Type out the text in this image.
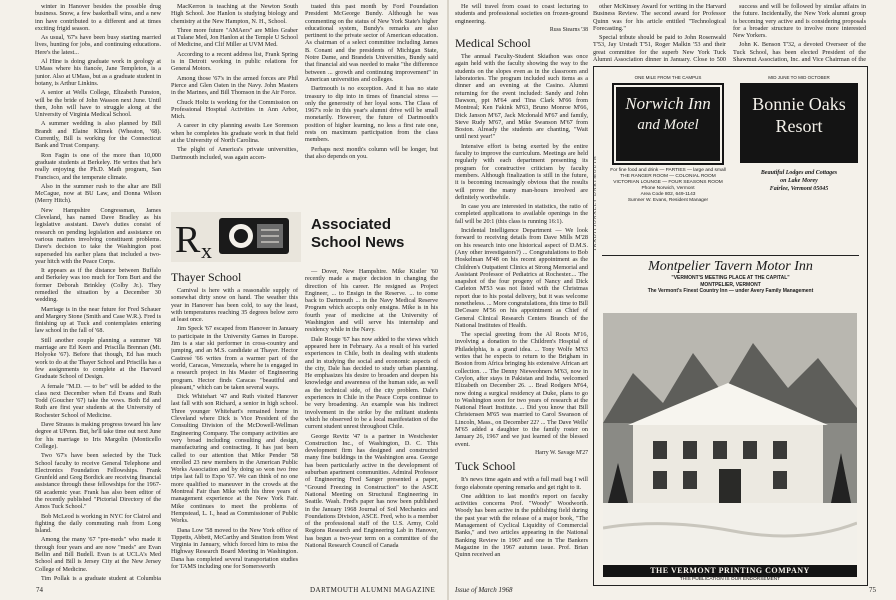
winter in Hanover besides the possible drug business. Snow, a few basketball wins, and a new inn have contributed to a different and at times exciting frigid season.

As usual, '67's have been busy starting married lives, hunting for jobs, and continuing educations. Here's the latest...

Al Hine is doing graduate work in geology at UMass where his fiancée, Jane Templeton, is a junior. Also at UMass, but as a graduate student in botany, is Arthur Linkins.

A senior at Wells College, Elizabeth Funston, will be the bride of John Wasson next June. Until then, John will have to struggle along at the University of Virginia Medical School.

A summer wedding is also planned by Bill Brandt and Elaine Klimek (Wheaton, '68). Currently, Bill is working for the Connecticut Bank and Trust Company.

Ron Fagin is one of the more than 10,000 graduate students at Berkeley. He writes that he's really enjoying the Ph.D. Math program, San Francisco, and the temperate climate.

Also in the summer rush to the altar are Bill McCague, now at BU Law, and Donna Wilson (Merry Hitch).

New Hampshire Congressman, James Cleveland, has named Dave Bradley as his legislative assistant. Dave's duties consist of research on pending legislation and assistance on various matters involving constituent problems. Dave's decision to take the Washington post superseded his earlier plans that included a two-year hitch with the Peace Corps.

It appears as if the distance between Buffalo and Berkeley was too much for Tom Burt and the former Deborah Brinkley (Colby Jr.). They remedied the situation by a December 30 wedding.

Marriage is in the near future for Fred Schauer and Margery Stone (Smith and Case W.R.). Fred is finishing up at Tuck and contemplates entering law school in the fall of '68.

Still another couple planning a summer '68 marriage are Ed Keen and Priscilla Brennan (Mt. Holyoke '67). Before that though, Ed has much work to do at the Thayer School and Priscilla has a few assignments to complete at the Harvard Graduate School of Design.

A female "M.D. — to be" will be added to the class next December when Ed Evans and Ruth Todd (Goucher '67) take the vows. Both Ed and Ruth are first year students at the University of Rochester School of Medicine.

Dave Strauss is making progress toward his law degree at UPenn. But, he'll take time out next June for his marriage to Iris Margolin (Monticello College).

Two '67's have been selected by the Tuck School faculty to receive General Telephone and Electronics Foundation Fellowships. Frank Grunfeld and Greg Bordick are receiving financial assistance through these fellowships for the 1967-68 academic year. Frank has also been editor of the recently published "Pictorial Directory of the Amos Tuck School."

Bob McLeod is working in NYC for Clairol and fighting the daily commuting rush from Long Island.

Among the many '67 "pre-meds" who made it through four years and are now "meds" are Evan Bellin and Bill Budell. Evan is at UCLA's Med School and Bill is Jersey City at the New Jersey College of Medicine.

Tim Pollak is a graduate student at Columbia

MacKerron is teaching at the Newton South High School. Joe Hanlon is studying biology and chemistry at the New Hampton, N. H., School.

Three more future "AMAers" are Miles Graber at Tulane Med, Jon Hanlon at the Temple U School of Medicine, and Clif Miller at UVM Med.

According to a recent address list, Frank Spring is in Detroit working in public relations for General Motors.

Among those '67's in the armed forces are Phil Pierce and Glen Oaten in the Navy. John Masters in the Marines, and Bill Thomson in the Air Force.

Chuck Holtz is working for the Commission on Professional Hospital Activities in Ann Arbor, Mich.

A career in city planning awaits Lee Sorenson when he completes his graduate work in that field at the University of North Carolina.

The plight of America's private universities, Dartmouth included, was again accen-

tuated this past month by Ford Foundation President McGeorge Bundy. Although he was commenting on the status of New York State's higher educational system, Bundy's remarks are also pertinent to the private sector of American education. As chairman of a select committee including James B. Conant and the presidents of Michigan State, Notre Dame, and Brandeis Universities, Bundy said that financial aid was needed to make "the difference between ... growth and continuing improvement" in American universities and colleges.

Dartmouth is no exception. And it has no state treasury to dip into in times of financial stress — only the generosity of her loyal sons. The Class of 1967's role in this year's alumni drive will be small monetarily. However, the future of Dartmouth's position of higher learning, no less a first rate one, rests on maximum participation from the class members.

Perhaps next month's column will be longer, but that also depends on you.

R x
Associated
School News
Thayer School

Carnival is here with a reasonable supply of somewhat dirty snow on hand. The weather this year in Hanover has been cold, to say the least, with temperatures reaching 35 degrees below zero at least once.

Jim Speck '67 escaped from Hanover in January to participate in the University Games in Europe. Jim is a star ski performer in cross-country and jumping, and an M.S. candidate at Thayer. Hector Castresé '66 writes from a warmer part of the world, Caracas, Venezuela, where he is engaged in a research project in his Master of Engineering program. Hector finds Caracas "beautiful and pleasant," which can be taken several ways.

Dick Whitehart '47 and Ruth visited Hanover last fall with son Richard, a senior in high school. Three younger Whitehart's remained home in Cleveland where Dick is Vice President of the Consulting Division of the McDowell-Wellman Engineering Company. The company activities are very broad including consulting and design, manufacturing and contracting. It has just been called to our attention that Mike Pender '58 enrolled 23 new members in the American Public Works Association and by doing so won two free trips last fall to Expo '67. We can think of no one more qualified to maneuver in the crowds at the Montreal Fair than Mike with his three years of management experience at the New York Fair. Mike continues to meet the problems of Hempstead, L. I., head as Commissioner of Public Works.

Dana Low '58 moved to the New York office of Tippetts, Abbett, McCarthy and Stratton from West Virginia in January, which forced him to miss the Highway Research Board Meeting in Washington. Dana has completed several transportation studies for TAMS including one for Somersworth

— Dover, New Hampshire. Mike Kistler '60 recently made a major decision in changing the direction of his career. He resigned as Project Engineer, ... to Ensign in the Reserve. ... to come back to Dartmouth ... in the Navy Medical Reserve Program which accepts only ensigns. Mike is in his fourth year of medicine at the University of Washington and will serve his internship and residency while in the Navy.

Dale Rouge '67 has now added to the views which appeared here in February. As a result of his varied experiences in Chile, both in dealing with students and in studying the social and economic aspects of the city, Dale has decided to study urban planning. He emphasizes his desire to broaden and deepen his knowledge and awareness of the human side, as well as the technical side, of the city problem. Dale's experiences in Chile in the Peace Corps continue to be very broadening. An example was his indirect involvement in the strike by the militant students which he observed to be a local manifestation of the current student unrest throughout Chile.

George Revitz '47 is a partner in Westchester Construction Inc., of Washington, D. C. This development firm has designed and constructed many fine buildings in the Washington area. George has been particularly active in the development of suburban apartment communities. Admiral Professor of Engineering Fred Sanger presented a paper, "Ground Freezing in Construction" to the ASCE National Meeting on Structural Engineering in Seattle. Wash. Fred's paper has now been published in the January 1968 Journal of Soil Mechanics and Foundations Division, ASCE. Fred, who is a member of the professional staff of the U.S. Army, Cold Regions Research and Engineering Lab in Hanover, has begun a two-year term on a committee of the National Research Council of Canada

74	DARTMOUTH ALUMNI MAGAZINE

He will travel from coast to coast lecturing to students and professional societies on frozen-ground engineering.

Russ Stearns '38
Medical School

The annual Faculty-Student Skiathon was once again held with the faculty showing the way to the students on the slopes even as in the classroom and laboratories. The program included such items as a dinner and an evening at the Casino. Alumni returning for the event included: Sandy and John Dawson, ppt M'64 and Tina Clark M'66 from Montreal; Ken Fakink M'63, Bruno Monroe M'66, Dick Janson M'67, Jack Mcdonald M'67 and family, Steve Rudy M'67, and Mike Swanson M'67 from Boston. Already the students are chanting, "Wait until next year!"

Intensive effort is being exerted by the entire faculty to improve the curriculum. Meetings are held regularly with each department presenting its program for constructive criticism by faculty members. Although finalization is still in the future, it is becoming increasingly obvious that the results will prove the many man-hours involved are definitely worthwhile.

In case you are interested in statistics, the ratio of completed applications to available openings in the fall will be 20:1 (this class is running 16:1).

Incidental Intelligence Department — We look forward to receiving details from Dave Mills M'28 on his research into one historical aspect of D.M.S. (Any other investigators?) ... Congratulations to Bob Hoskelman M'48 on his recent appointment as the Children's Outpatient Clinics at Strong Memorial and Assistant Professor of Pediatrics at Rochester.... The snapshot of the four progeny of Nancy and Dick Carleton M'53 was not listed with the Christmas report due to his postal delivery, but it was welcome nonetheless. ... More congratulations, this time to Bill DeCesare M'56 on his appointment as Chief of General Clinical Research Centers Branch of the National Institutes of Health.

The special greeting from the Al Roots M'16, involving a donation to the Children's Hospital of Philadelphia, is a grand idea. ... Tony Wolfe M'63 writes that he expects to return to the Brigham in Boston from Africa bringing his extensive African art collection. ... The Denny Nieweohners M'63, now in Ceylon, after stays in Pakistan and India, welcomed Elizabeth on December 26. ... Brad Rodgers M'64, now doing a surgical residency at Duke, plans to go to Washington soon for two years of research at the National Heart Institute. ... Did you know that Bill Christensen M'65 was married to Carol Swanson of Lincoln, Mass., on December 22? ... The Dave Wells' M'65 added a daughter to the family roster on January 26, 1967 and we just learned of the blessed event.

Harry W. Savage M'27
Tuck School

It's news time again and with a full mail bag I will forgo elaborate opening remarks and get right to it.

One addition to last month's report on faculty activities concerns Prof. "Woody" Woodworth. Woody has been active in the publishing field during the past year with the release of a major book, "The Management of Cyclical Liquidity of Commercial Banks," and two articles appearing in the National Banking Review in 1967 and one in The Bankers Magazine in the 1967 autumn issue. Prof. Brian Quinn received an

other McKinsey Award for writing in the Harvard Business Review. The second award for Professor Quinn was for his article entitled "Technological Forecasting."

Special tribute should be paid to John Rosenwald T'53, Jay Urstadt T'51, Roger Malkin '53 and their great committee for the superb New York Tuck Alumni Association dinner in January. Close to 500

success and will be followed by similar affairs in the future. Incidentally, the New York alumni group is becoming very active and is considering proposals for a broader structure to involve more interested New Yorkers.

John K. Benson T'32, a devoted Overseer of the Tuck School, has been elected President of the Shawmut Association, Inc. and Vice Chairman of the

TRADITIONALLY DARTMOUTH
ONE MILE FROM THE CAMPUS
Norwich Inn
and Motel
For fine food and drink — PARTIES — large and small
THE RANGER ROOM — COLONIAL ROOM
VICTORIAN LOUNGE — FOUR SEASONS ROOM
Phone Norwich, Vermont
Area Code 802, 649-1143
Sumner W. Evans, Resident Manager
MID JUNE TO MID OCTOBER
Bonnie Oaks
Resort
Beautiful Lodges and Cottages
on Lake Morey
Fairlee, Vermont 05045
Montpelier Tavern Motor Inn
"VERMONT'S MEETING PLACE AT THE CAPITAL"
MONTPELIER, VERMONT
The Vermont's Finest Country Inn — under Avery Family Management
THE VERMONT PRINTING COMPANY
THIS PUBLICATION IS OUR ENDORSEMENT
Issue of March 1968	75
